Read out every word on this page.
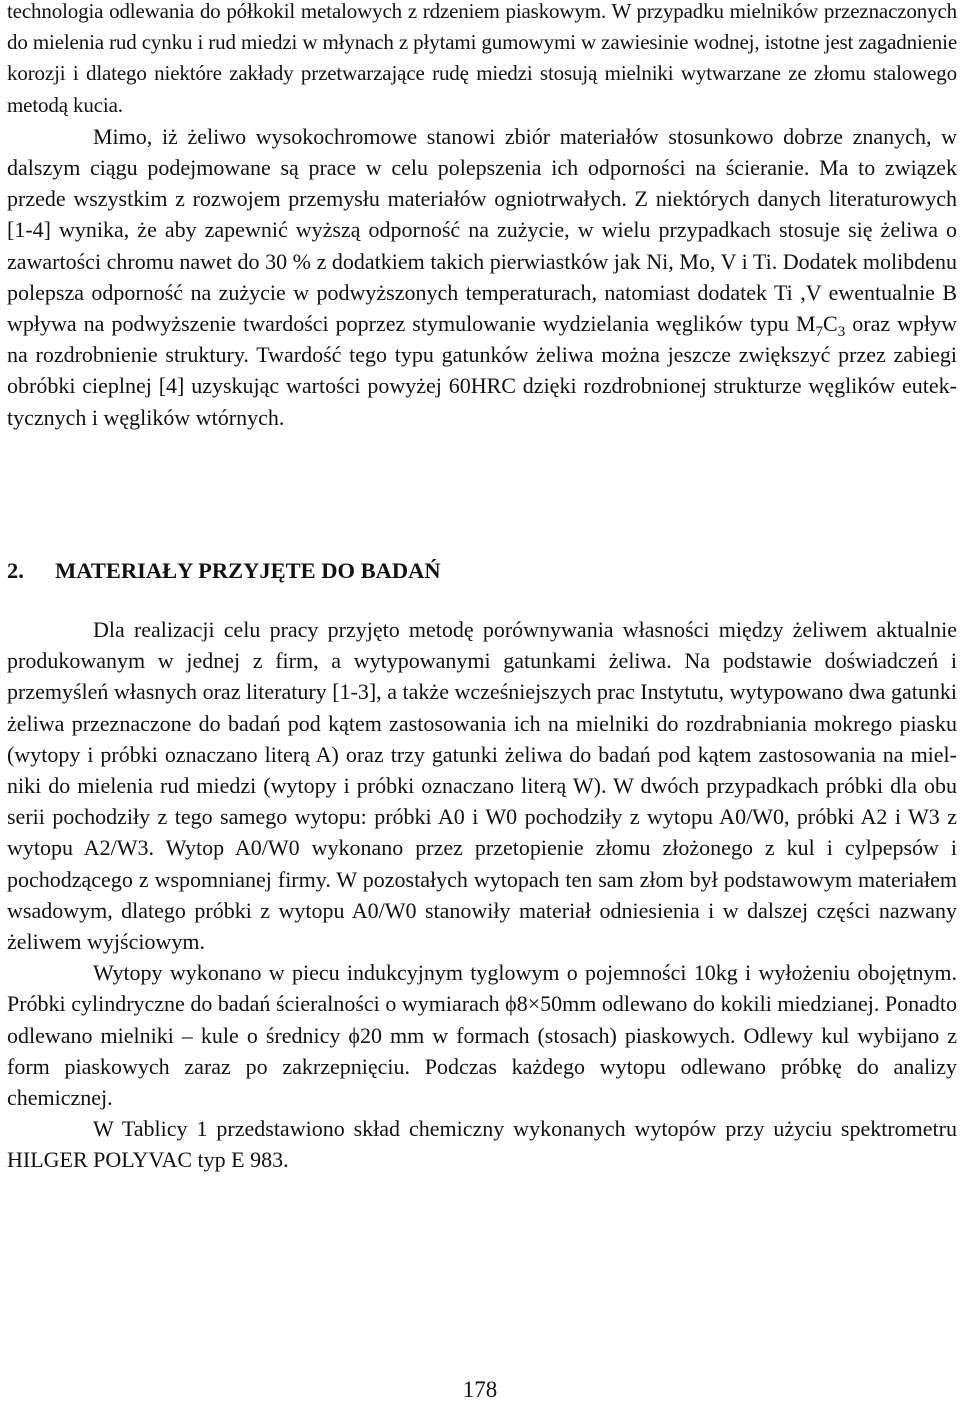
technologia odlewania do półkokil metalowych z rdzeniem piaskowym. W przypadku mielników przeznaczonych do mielenia rud cynku i rud miedzi w młynach z płytami gumowymi w zawiesinie wodnej, istotne jest zagadnienie korozji i dlatego niektóre zakłady przetwarzające rudę miedzi stosują mielniki wytwarzane ze złomu stalowego metodą kucia.

Mimo, iż żeliwo wysokochromowe stanowi zbiór materiałów stosunkowo dobrze znanych, w dalszym ciągu podejmowane są prace w celu polepszenia ich odporności na ścieranie. Ma to związek przede wszystkim z rozwojem przemysłu materiałów ogniotrwałych. Z niektórych danych literaturowych [1-4] wynika, że aby zapewnić wyższą odporność na zużycie, w wielu przypadkach stosuje się żeliwa o zawartości chromu nawet do 30 % z dodatkiem takich pierwiastków jak Ni, Mo, V i Ti. Dodatek molibdenu polepsza odporność na zużycie w podwyższonych temperaturach, natomiast dodatek Ti ,V ewentualnie B wpływa na podwyższenie twardości poprzez stymulowanie wydzielania węglików typu $M_7C_3$ oraz wpływ na rozdrobnienie struktury. Twardość tego typu gatunków żeliwa można jeszcze zwiększyć przez zabiegi obróbki cieplnej [4] uzyskując wartości powyżej 60HRC dzięki rozdrobnionej strukturze węglików eutektycznych i węglików wtórnych.

2. MATERIAŁY PRZYJĘTE DO BADAŃ

Dla realizacji celu pracy przyjęto metodę porównywania własności między żeliwem aktualnie produkowanym w jednej z firm, a wytypowanymi gatunkami żeliwa. Na podstawie doświadczeń i przemyśleń własnych oraz literatury [1-3], a także wcześniejszych prac Instytutu, wytypowano dwa gatunki żeliwa przeznaczone do badań pod kątem zastosowania ich na mielniki do rozdrabniania mokrego piasku (wytopy i próbki oznaczano literą A) oraz trzy gatunki żeliwa do badań pod kątem zastosowania na mielniki do mielenia rud miedzi (wytopy i próbki oznaczano literą W). W dwóch przypadkach próbki dla obu serii pochodziły z tego samego wytopu: próbki A0 i W0 pochodziły z wytopu A0/W0, próbki A2 i W3 z wytopu A2/W3. Wytop A0/W0 wykonano przez przetopienie złomu złożonego z kul i cylpepsów i pochodzącego z wspomnianej firmy. W pozostałych wytopach ten sam złom był podstawowym materiałem wsadowym, dlatego próbki z wytopu A0/W0 stanowiły materiał odniesienia i w dalszej części nazwany żeliwem wyjściowym.

Wytopy wykonano w piecu indukcyjnym tyglowym o pojemności 10kg i wyłożeniu obojętnym. Próbki cylindryczne do badań ścieralności o wymiarach ϕ8×50mm odlewano do kokili miedzianej. Ponadto odlewano mielniki – kule o średnicy ϕ20 mm w formach (stosach) piaskowych. Odlewy kul wybijano z form piaskowych zaraz po zakrzepnięciu. Podczas każdego wytopu odlewano próbkę do analizy chemicznej.

W Tablicy 1 przedstawiono skład chemiczny wykonanych wytopów przy użyciu spektrometru HILGER POLYVAC typ E 983.

178
